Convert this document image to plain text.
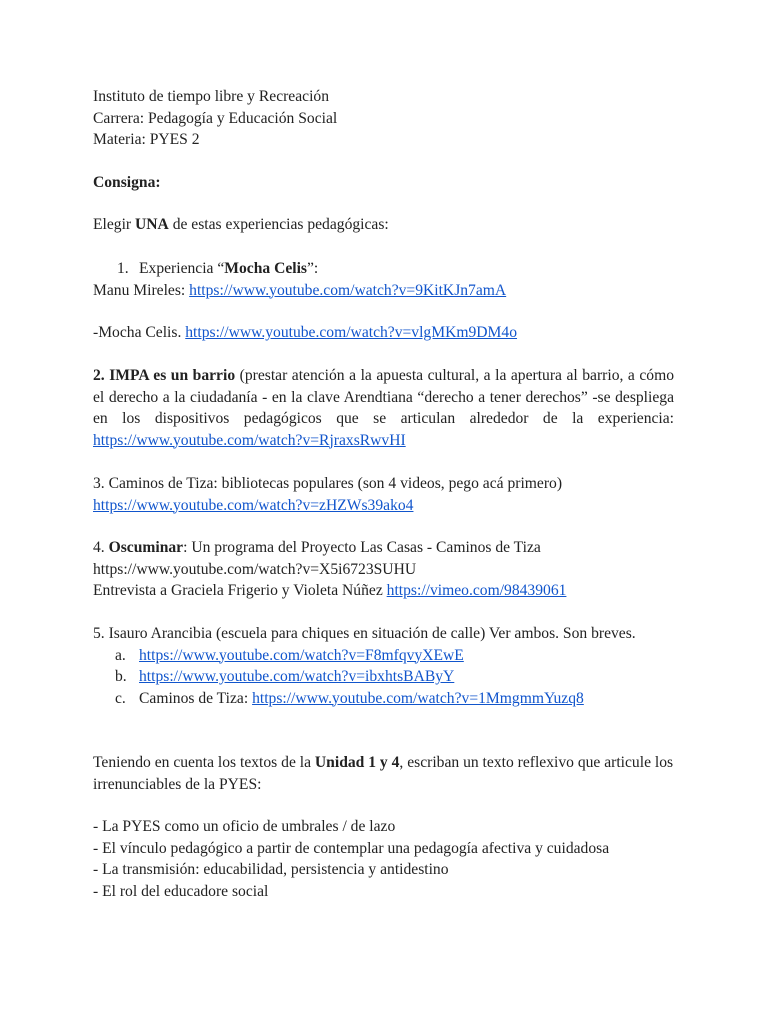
Instituto de tiempo libre y Recreación
Carrera: Pedagogía y Educación Social
Materia: PYES 2
Consigna:
Elegir UNA de estas experiencias pedagógicas:
1. Experiencia “Mocha Celis”:
Manu Mireles: https://www.youtube.com/watch?v=9KitKJn7amA
-Mocha Celis. https://www.youtube.com/watch?v=vlgMKm9DM4o
2. IMPA es un barrio (prestar atención a la apuesta cultural, a la apertura al barrio, a cómo el derecho a la ciudadanía - en la clave Arendtiana “derecho a tener derechos” -se despliega en los dispositivos pedagógicos que se articulan alrededor de la experiencia: https://www.youtube.com/watch?v=RjraxsRwvHI
3. Caminos de Tiza: bibliotecas populares (son 4 videos, pego acá primero)
https://www.youtube.com/watch?v=zHZWs39ako4
4. Oscuminar: Un programa del Proyecto Las Casas - Caminos de Tiza
https://www.youtube.com/watch?v=X5i6723SUHU
Entrevista a Graciela Frigerio y Violeta Núñez https://vimeo.com/98439061
5. Isauro Arancibia (escuela para chiques en situación de calle) Ver ambos. Son breves.
a. https://www.youtube.com/watch?v=F8mfqvyXEwE
b. https://www.youtube.com/watch?v=ibxhtsBAByY
c. Caminos de Tiza: https://www.youtube.com/watch?v=1MmgmmYuzq8
Teniendo en cuenta los textos de la Unidad 1 y 4, escriban un texto reflexivo que articule los irrenunciables de la PYES:
- La PYES como un oficio de umbrales / de lazo
- El vínculo pedagógico a partir de contemplar una pedagogía afectiva y cuidadosa
- La transmisión: educabilidad, persistencia y antidestino
- El rol del educadore social
